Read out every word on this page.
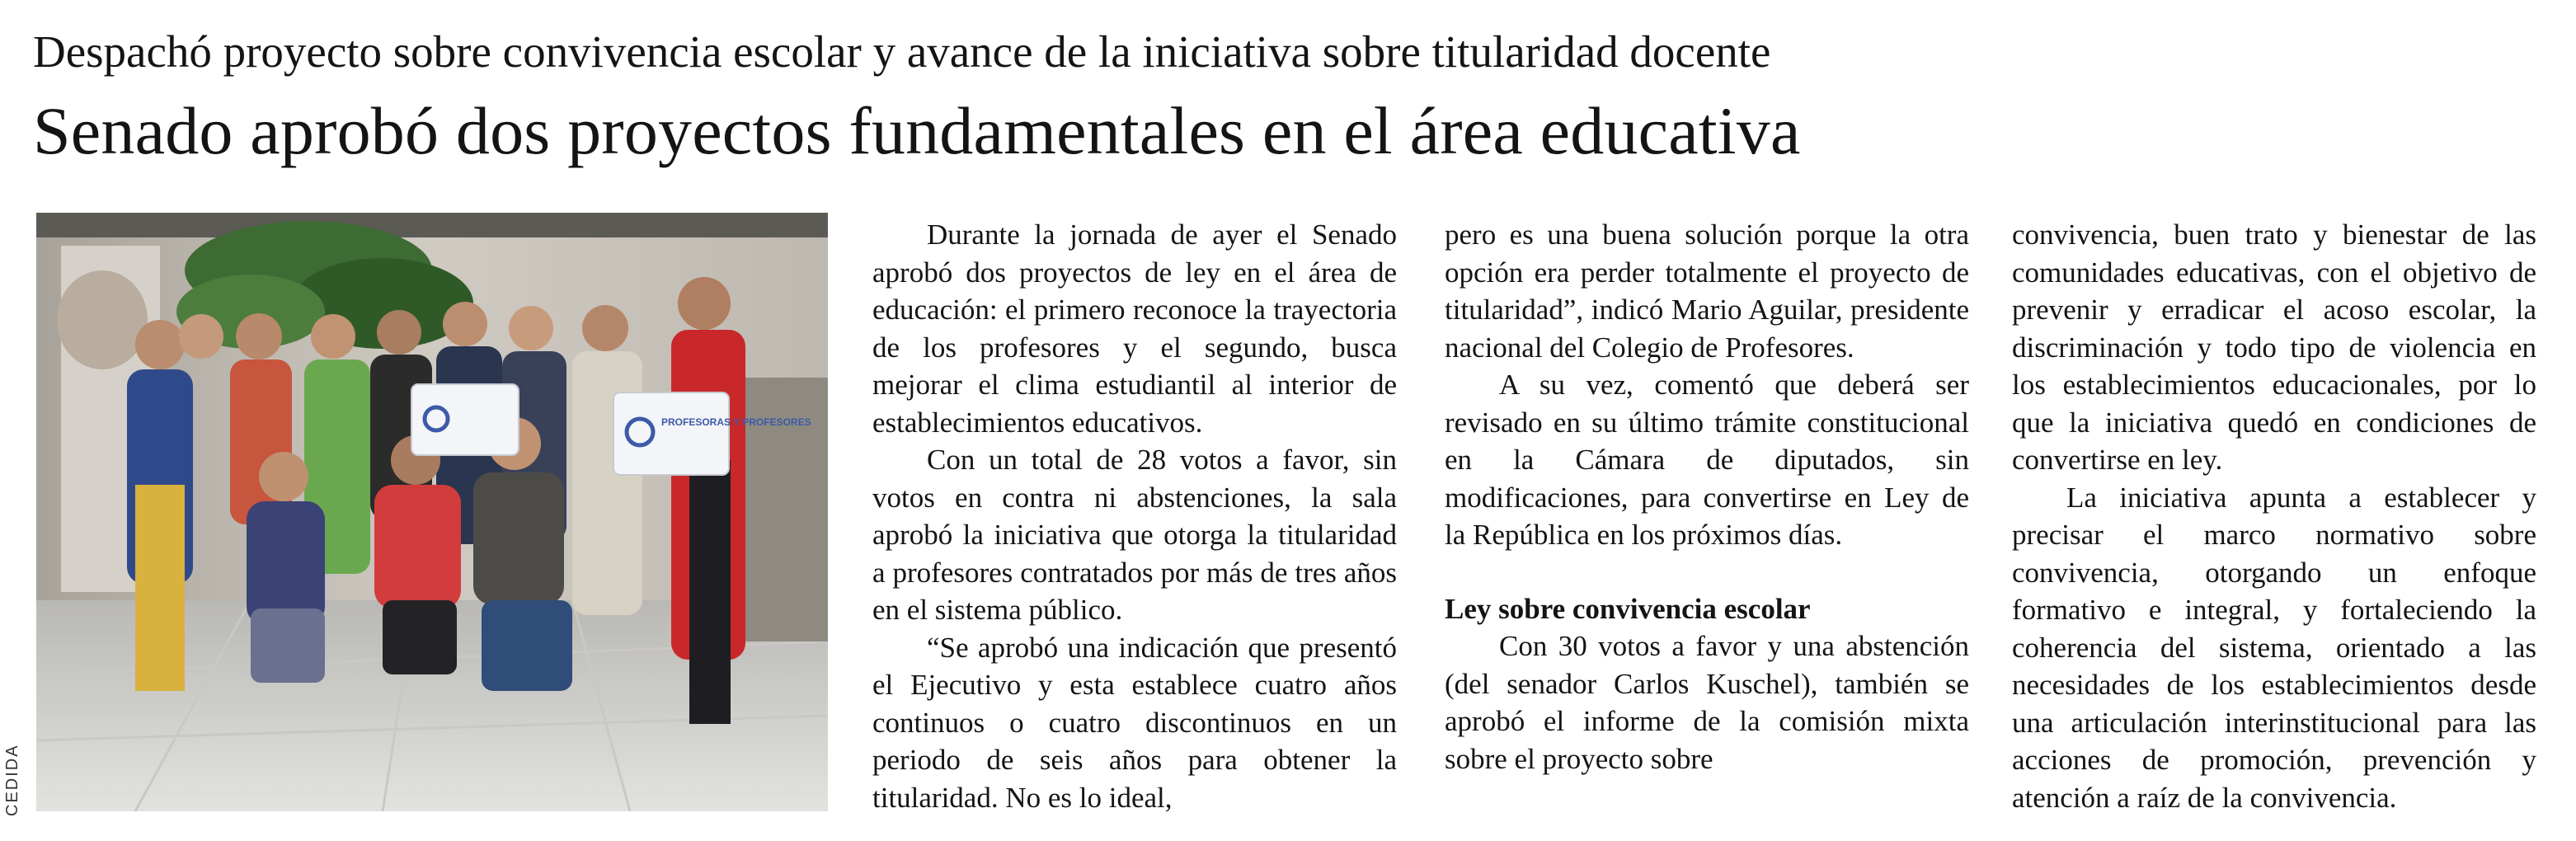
Despachó proyecto sobre convivencia escolar y avance de la iniciativa sobre titularidad docente
Senado aprobó dos proyectos fundamentales en el área educativa
PROFESORAS Y PROFESORES
CEDIDA

Durante la jornada de ayer el Senado aprobó dos proyectos de ley en el área de educación: el primero reconoce la trayectoria de los profesores y el segundo, busca mejorar el clima estudiantil al interior de establecimientos educativos.

Con un total de 28 votos a favor, sin votos en contra ni abstenciones, la sala aprobó la iniciativa que otorga la titularidad a profesores contratados por más de tres años en el sistema público.

“Se aprobó una indicación que presentó el Ejecutivo y esta establece cuatro años continuos o cuatro discontinuos en un periodo de seis años para obtener la titularidad. No es lo ideal,

pero es una buena solución porque la otra opción era perder totalmente el proyecto de titularidad”, indicó Mario Aguilar, presidente nacional del Colegio de Profesores.

A su vez, comentó que deberá ser revisado en su último trámite constitucional en la Cámara de diputados, sin modificaciones, para convertirse en Ley de la República en los próximos días.

Ley sobre convivencia escolar

Con 30 votos a favor y una abstención (del senador Carlos Kuschel), también se aprobó el informe de la comisión mixta sobre el proyecto sobre

convivencia, buen trato y bienestar de las comunidades educativas, con el objetivo de prevenir y erradicar el acoso escolar, la discriminación y todo tipo de violencia en los establecimientos educacionales, por lo que la iniciativa quedó en condiciones de convertirse en ley.

La iniciativa apunta a establecer y precisar el marco normativo sobre convivencia, otorgando un enfoque formativo e integral, y fortaleciendo la coherencia del sistema, orientado a las necesidades de los establecimientos desde una articulación interinstitucional para las acciones de promoción, prevención y atención a raíz de la convivencia.
